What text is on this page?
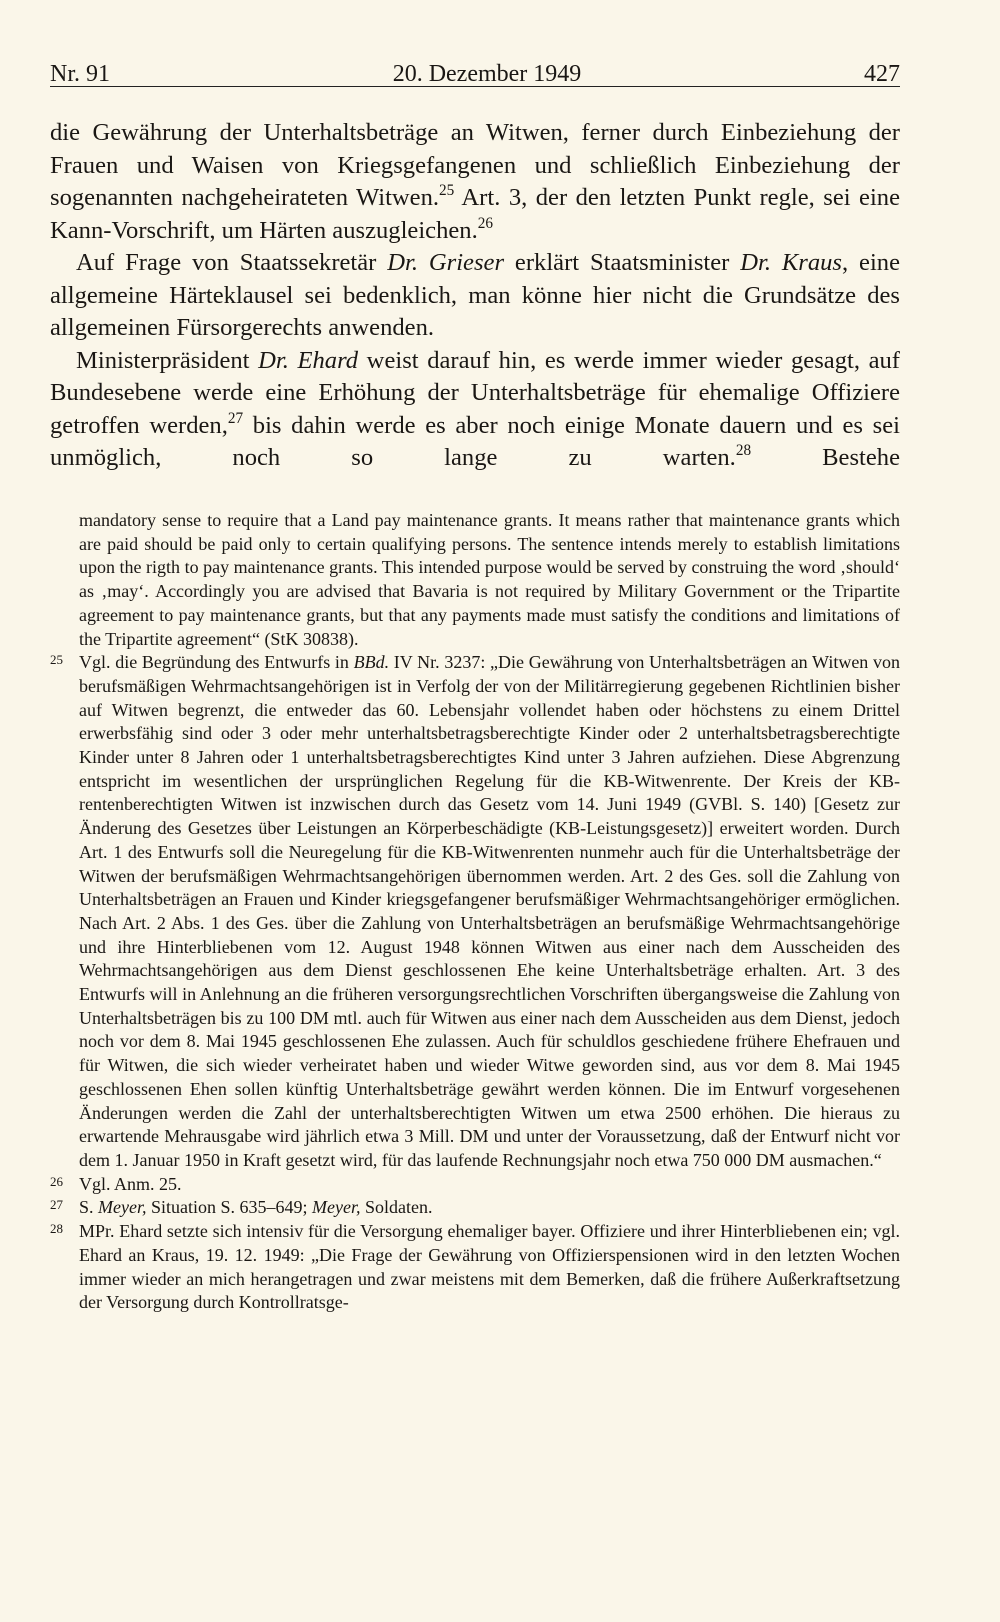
Nr. 91	20. Dezember 1949	427

die Gewährung der Unterhaltsbeträge an Witwen, ferner durch Einbeziehung der Frauen und Waisen von Kriegsgefangenen und schließlich Einbeziehung der sogenannten nachgeheirateten Witwen.$^{25}$ Art. 3, der den letzten Punkt regle, sei eine Kann-Vorschrift, um Härten auszugleichen.$^{26}$

Auf Frage von Staatssekretär Dr. Grieser erklärt Staatsminister Dr. Kraus, eine allgemeine Härteklausel sei bedenklich, man könne hier nicht die Grundsätze des allgemeinen Fürsorgerechts anwenden.

Ministerpräsident Dr. Ehard weist darauf hin, es werde immer wieder gesagt, auf Bundesebene werde eine Erhöhung der Unterhaltsbeträge für ehemalige Offiziere getroffen werden,$^{27}$ bis dahin werde es aber noch einige Monate dauern und es sei unmöglich, noch so lange zu warten.$^{28}$ Bestehe

mandatory sense to require that a Land pay maintenance grants. It means rather that maintenance grants which are paid should be paid only to certain qualifying persons. The sentence intends merely to establish limitations upon the rigth to pay maintenance grants. This intended purpose would be served by construing the word ‚should‘ as ‚may‘. Accordingly you are advised that Bavaria is not required by Military Government or the Tripartite agreement to pay maintenance grants, but that any payments made must satisfy the conditions and limitations of the Tripartite agreement“ (StK 30838).

25 Vgl. die Begründung des Entwurfs in BBd. IV Nr. 3237: „Die Gewährung von Unterhaltsbeträgen an Witwen von berufsmäßigen Wehrmachtsangehörigen ist in Verfolg der von der Militärregierung gegebenen Richtlinien bisher auf Witwen begrenzt, die entweder das 60. Lebensjahr vollendet haben oder höchstens zu einem Drittel erwerbsfähig sind oder 3 oder mehr unterhaltsbetragsberechtigte Kinder oder 2 unterhaltsbetragsberechtigte Kinder unter 8 Jahren oder 1 unterhaltsbetragsberechtigtes Kind unter 3 Jahren aufziehen. Diese Abgrenzung entspricht im wesentlichen der ursprünglichen Regelung für die KB-Witwenrente. Der Kreis der KB-rentenberechtigten Witwen ist inzwischen durch das Gesetz vom 14. Juni 1949 (GVBl. S. 140) [Gesetz zur Änderung des Gesetzes über Leistungen an Körperbeschädigte (KB-Leistungsgesetz)] erweitert worden. Durch Art. 1 des Entwurfs soll die Neuregelung für die KB-Witwenrenten nunmehr auch für die Unterhaltsbeträge der Witwen der berufsmäßigen Wehrmachtsangehörigen übernommen werden. Art. 2 des Ges. soll die Zahlung von Unterhaltsbeträgen an Frauen und Kinder kriegsgefangener berufsmäßiger Wehrmachtsangehöriger ermöglichen. Nach Art. 2 Abs. 1 des Ges. über die Zahlung von Unterhaltsbeträgen an berufsmäßige Wehrmachtsangehörige und ihre Hinterbliebenen vom 12. August 1948 können Witwen aus einer nach dem Ausscheiden des Wehrmachtsangehörigen aus dem Dienst geschlossenen Ehe keine Unterhaltsbeträge erhalten. Art. 3 des Entwurfs will in Anlehnung an die früheren versorgungsrechtlichen Vorschriften übergangsweise die Zahlung von Unterhaltsbeträgen bis zu 100 DM mtl. auch für Witwen aus einer nach dem Ausscheiden aus dem Dienst, jedoch noch vor dem 8. Mai 1945 geschlossenen Ehe zulassen. Auch für schuldlos geschiedene frühere Ehefrauen und für Witwen, die sich wieder verheiratet haben und wieder Witwe geworden sind, aus vor dem 8. Mai 1945 geschlossenen Ehen sollen künftig Unterhaltsbeträge gewährt werden können. Die im Entwurf vorgesehenen Änderungen werden die Zahl der unterhaltsberechtigten Witwen um etwa 2500 erhöhen. Die hieraus zu erwartende Mehrausgabe wird jährlich etwa 3 Mill. DM und unter der Voraussetzung, daß der Entwurf nicht vor dem 1. Januar 1950 in Kraft gesetzt wird, für das laufende Rechnungsjahr noch etwa 750 000 DM ausmachen.“

26 Vgl. Anm. 25.

27 S. Meyer, Situation S. 635–649; Meyer, Soldaten.

28 MPr. Ehard setzte sich intensiv für die Versorgung ehemaliger bayer. Offiziere und ihrer Hinterbliebenen ein; vgl. Ehard an Kraus, 19. 12. 1949: „Die Frage der Gewährung von Offizierspensionen wird in den letzten Wochen immer wieder an mich herangetragen und zwar meistens mit dem Bemerken, daß die frühere Außerkraftsetzung der Versorgung durch Kontrollratsge-
